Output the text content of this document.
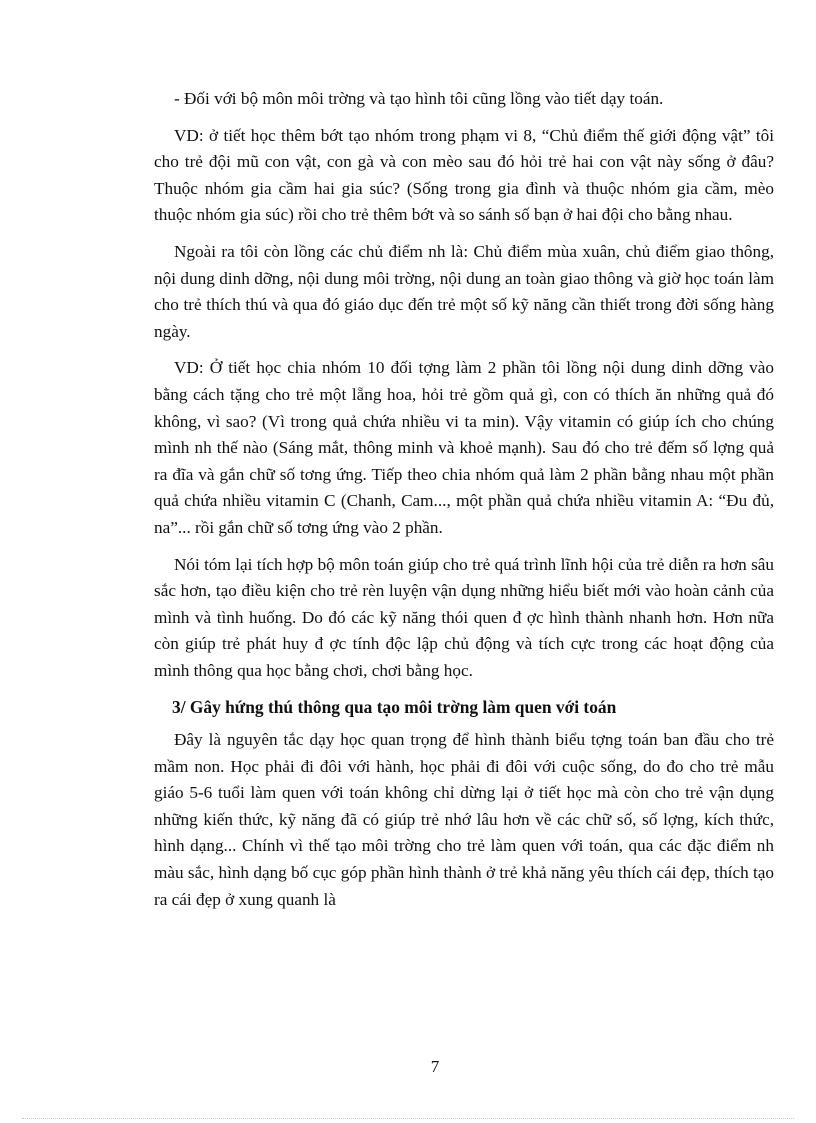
- Đối với bộ môn môi trờng và tạo hình tôi cũng lồng vào tiết dạy toán.

VD: ở tiết học thêm bớt tạo nhóm trong phạm vi 8, “Chủ điểm thế giới động vật” tôi cho trẻ đội mũ con vật, con gà và con mèo sau đó hỏi trẻ hai con vật này sống ở đâu? Thuộc nhóm gia cầm hai gia súc? (Sống trong gia đình và thuộc nhóm gia cầm, mèo thuộc nhóm gia súc) rồi cho trẻ thêm bớt và so sánh số bạn ở hai đội cho bằng nhau.

Ngoài ra tôi còn lồng các chủ điểm nh là: Chủ điểm mùa xuân, chủ điểm giao thông, nội dung dinh dỡng, nội dung môi trờng, nội dung an toàn giao thông và giờ học toán làm cho trẻ thích thú và qua đó giáo dục đến trẻ một số kỹ năng cần thiết trong đời sống hàng ngày.

VD: Ở tiết học chia nhóm 10 đối tợng làm 2 phần tôi lồng nội dung dinh dỡng vào bằng cách tặng cho trẻ một lẵng hoa, hỏi trẻ gồm quả gì, con có thích ăn những quả đó không, vì sao? (Vì trong quả chứa nhiều vi ta min). Vậy vitamin có giúp ích cho chúng mình nh thế nào (Sáng mắt, thông minh và khoẻ mạnh). Sau đó cho trẻ đếm số lợng quả ra đĩa và gắn chữ số tơng ứng. Tiếp theo chia nhóm quả làm 2 phần bằng nhau một phần quả chứa nhiều vitamin C (Chanh, Cam..., một phần quả chứa nhiều vitamin A: “Đu đủ, na”... rồi gắn chữ số tơng ứng vào 2 phần.

Nói tóm lại tích hợp bộ môn toán giúp cho trẻ quá trình lĩnh hội của trẻ diễn ra hơn sâu sắc hơn, tạo điều kiện cho trẻ rèn luyện vận dụng những hiểu biết mới vào hoàn cảnh của mình và tình huống. Do đó các kỹ năng thói quen đ ợc hình thành nhanh hơn. Hơn nữa còn giúp trẻ phát huy đ ợc tính độc lập chủ động và tích cực trong các hoạt động của mình thông qua học bằng chơi, chơi bằng học.

3/ Gây hứng thú thông qua tạo môi trờng làm quen với toán

Đây là nguyên tắc dạy học quan trọng để hình thành biểu tợng toán ban đầu cho trẻ mầm non. Học phải đi đôi với hành, học phải đi đôi với cuộc sống, do đo cho trẻ mẫu giáo 5-6 tuổi làm quen với toán không chỉ dừng lại ở tiết học mà còn cho trẻ vận dụng những kiến thức, kỹ năng đã có giúp trẻ nhớ lâu hơn về các chữ số, số lợng, kích thức, hình dạng... Chính vì thế tạo môi trờng cho trẻ làm quen với toán, qua các đặc điểm nh màu sắc, hình dạng bố cục góp phần hình thành ở trẻ khả năng yêu thích cái đẹp, thích tạo ra cái đẹp ở xung quanh là

7
